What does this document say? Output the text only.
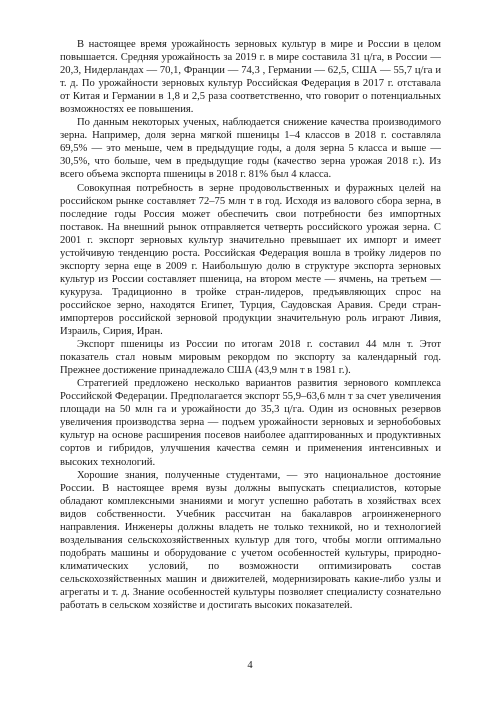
В настоящее время урожайность зерновых культур в мире и России в целом повышается. Средняя урожайность за 2019 г. в мире составила 31 ц/га, в России — 20,3, Нидерландах — 70,1, Франции — 74,3 , Германии — 62,5, США — 55,7 ц/га и т. д. По урожайности зерновых культур Российская Федерация в 2017 г. отставала от Китая и Германии в 1,8 и 2,5 раза соответственно, что говорит о потенциальных возможностях ее повышения.

По данным некоторых ученых, наблюдается снижение качества производимого зерна. Например, доля зерна мягкой пшеницы 1–4 классов в 2018 г. составляла 69,5% — это меньше, чем в предыдущие годы, а доля зерна 5 класса и выше — 30,5%, что больше, чем в предыдущие годы (качество зерна урожая 2018 г.). Из всего объема экспорта пшеницы в 2018 г. 81% был 4 класса.

Совокупная потребность в зерне продовольственных и фуражных целей на российском рынке составляет 72–75 млн т в год. Исходя из валового сбора зерна, в последние годы Россия может обеспечить свои потребности без импортных поставок. На внешний рынок отправляется четверть российского урожая зерна. С 2001 г. экспорт зерновых культур значительно превышает их импорт и имеет устойчивую тенденцию роста. Российская Федерация вошла в тройку лидеров по экспорту зерна еще в 2009 г. Наибольшую долю в структуре экспорта зерновых культур из России составляет пшеница, на втором месте — ячмень, на третьем — кукуруза. Традиционно в тройке стран-лидеров, предъявляющих спрос на российское зерно, находятся Египет, Турция, Саудовская Аравия. Среди стран-импортеров российской зерновой продукции значительную роль играют Ливия, Израиль, Сирия, Иран.

Экспорт пшеницы из России по итогам 2018 г. составил 44 млн т. Этот показатель стал новым мировым рекордом по экспорту за календарный год. Прежнее достижение принадлежало США (43,9 млн т в 1981 г.).

Стратегией предложено несколько вариантов развития зернового комплекса Российской Федерации. Предполагается экспорт 55,9–63,6 млн т за счет увеличения площади на 50 млн га и урожайности до 35,3 ц/га. Один из основных резервов увеличения производства зерна — подъем урожайности зерновых и зернобобовых культур на основе расширения посевов наиболее адаптированных и продуктивных сортов и гибридов, улучшения качества семян и применения интенсивных и высоких технологий.

Хорошие знания, полученные студентами, — это национальное достояние России. В настоящее время вузы должны выпускать специалистов, которые обладают комплексными знаниями и могут успешно работать в хозяйствах всех видов собственности. Учебник рассчитан на бакалавров агроинженерного направления. Инженеры должны владеть не только техникой, но и технологией возделывания сельскохозяйственных культур для того, чтобы могли оптимально подобрать машины и оборудование с учетом особенностей культуры, природно-климатических условий, по возможности оптимизировать состав сельскохозяйственных машин и движителей, модернизировать какие-либо узлы и агрегаты и т. д. Знание особенностей культуры позволяет специалисту сознательно работать в сельском хозяйстве и достигать высоких показателей.

4
